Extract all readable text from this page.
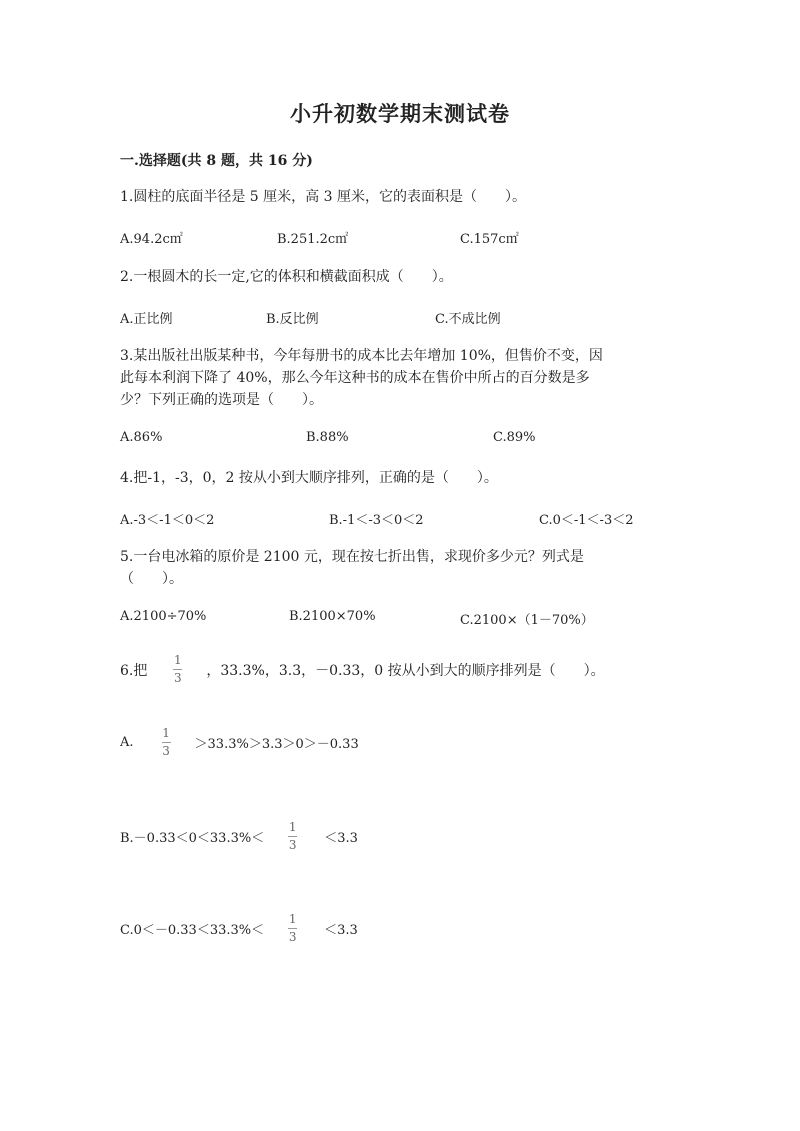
小升初数学期末测试卷
一.选择题(共 8 题，共 16 分)
1.圆柱的底面半径是 5 厘米，高 3 厘米，它的表面积是（　　）。
A.94.2c㎡	B.251.2c㎡	C.157c㎡
2.一根圆木的长一定,它的体积和横截面积成（　　）。
A.正比例	B.反比例	C.不成比例
3.某出版社出版某种书，今年每册书的成本比去年增加 10%，但售价不变，因
此每本利润下降了 40%，那么今年这种书的成本在售价中所占的百分数是多
少？下列正确的选项是（　　）。
A.86%	B.88%	C.89%
4.把-1，-3，0，2 按从小到大顺序排列，正确的是（　　）。
A.-3＜-1＜0＜2	B.-1＜-3＜0＜2	C.0＜-1＜-3＜2
5.一台电冰箱的原价是 2100 元，现在按七折出售，求现价多少元？列式是
（　　）。
A.2100÷70%	B.2100×70%	C.2100×（1－70%）
6.把 $\frac{1}{3}$ ，33.3%，3.3，－0.33，0 按从小到大的顺序排列是（　　）。
A. $\frac{1}{3} >33.3\%>3.3>0>-0.33$
$B.-0.33<0<33.3\%< \frac{1}{3} <3.3$
$C.0<-0.33<33.3\%< \frac{1}{3} <3.3$
